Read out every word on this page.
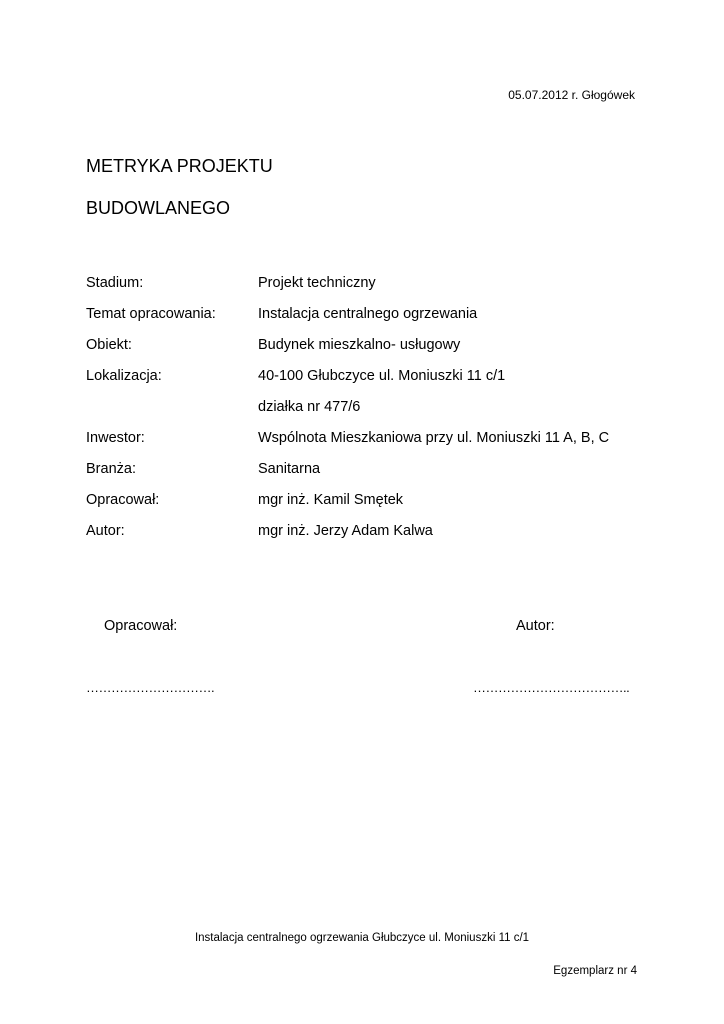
05.07.2012 r. Głogówek
METRYKA PROJEKTU
BUDOWLANEGO
Stadium:	Projekt techniczny
Temat opracowania:	Instalacja centralnego ogrzewania
Obiekt:	Budynek mieszkalno- usługowy
Lokalizacja:	40-100 Głubczyce ul. Moniuszki 11 c/1
działka nr 477/6
Inwestor:	Wspólnota Mieszkaniowa przy ul. Moniuszki 11 A, B, C
Branża:	Sanitarna
Opracował:	mgr inż. Kamil Smętek
Autor:	mgr inż. Jerzy Adam Kalwa
Opracował:	Autor:
………………………….	………………………………..
Instalacja centralnego ogrzewania Głubczyce ul. Moniuszki 11 c/1
Egzemplarz nr 4
